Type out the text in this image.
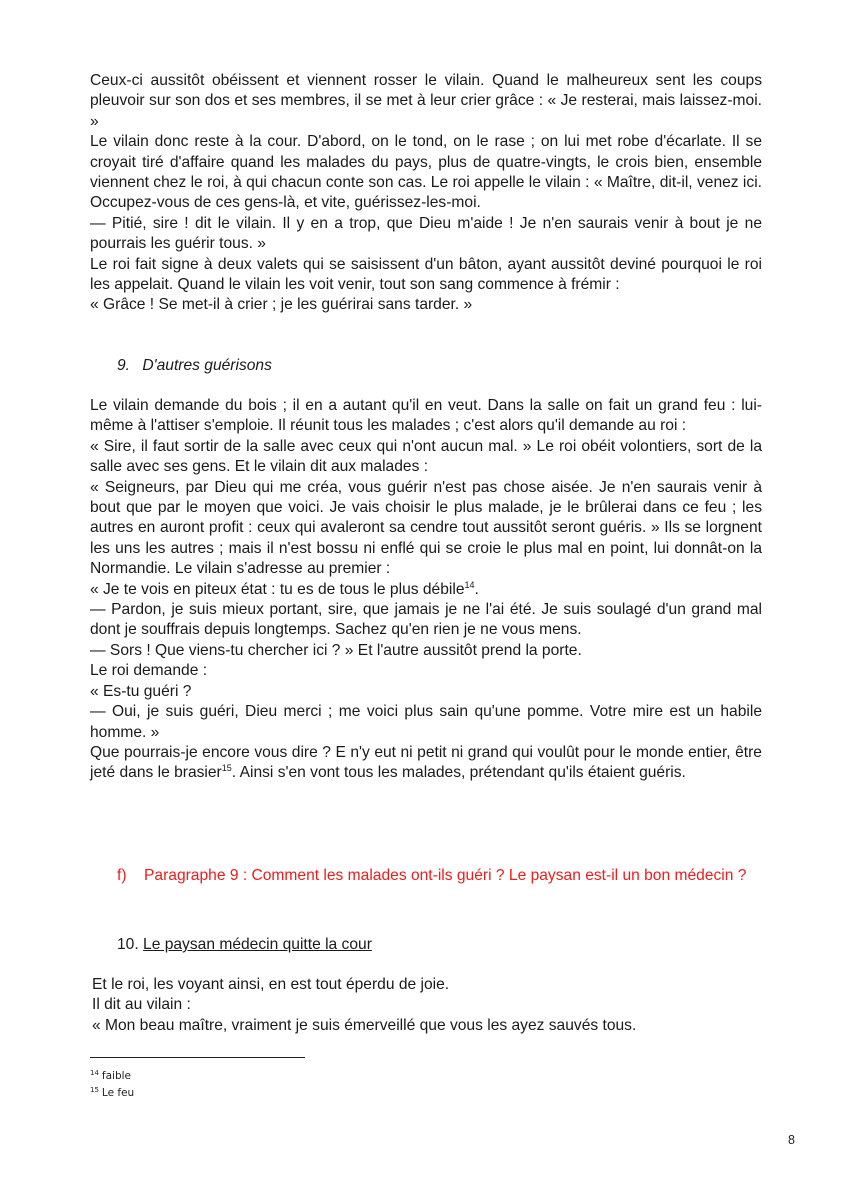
Ceux-ci aussitôt obéissent et viennent rosser le vilain. Quand le malheureux sent les coups pleuvoir sur son dos et ses membres, il se met à leur crier grâce : « Je resterai, mais laissez-moi. »

Le vilain donc reste à la cour. D'abord, on le tond, on le rase ; on lui met robe d'écarlate. Il se croyait tiré d'affaire quand les malades du pays, plus de quatre-vingts, le crois bien, ensemble viennent chez le roi, à qui chacun conte son cas. Le roi appelle le vilain : « Maître, dit-il, venez ici. Occupez-vous de ces gens-là, et vite, guérissez-les-moi.

— Pitié, sire ! dit le vilain. Il y en a trop, que Dieu m'aide ! Je n'en saurais venir à bout je ne pourrais les guérir tous. »

Le roi fait signe à deux valets qui se saisissent d'un bâton, ayant aussitôt deviné pourquoi le roi les appelait. Quand le vilain les voit venir, tout son sang commence à frémir :

« Grâce ! Se met-il à crier ; je les guérirai sans tarder. »

9. D'autres guérisons

Le vilain demande du bois ; il en a autant qu'il en veut. Dans la salle on fait un grand feu : lui-même à l'attiser s'emploie. Il réunit tous les malades ; c'est alors qu'il demande au roi :

« Sire, il faut sortir de la salle avec ceux qui n'ont aucun mal. » Le roi obéit volontiers, sort de la salle avec ses gens. Et le vilain dit aux malades :

« Seigneurs, par Dieu qui me créa, vous guérir n'est pas chose aisée. Je n'en saurais venir à bout que par le moyen que voici. Je vais choisir le plus malade, je le brûlerai dans ce feu ; les autres en auront profit : ceux qui avaleront sa cendre tout aussitôt seront guéris. » Ils se lorgnent les uns les autres ; mais il n'est bossu ni enflé qui se croie le plus mal en point, lui donnât-on la Normandie. Le vilain s'adresse au premier :

« Je te vois en piteux état : tu es de tous le plus débile$^{14}$.

— Pardon, je suis mieux portant, sire, que jamais je ne l'ai été. Je suis soulagé d'un grand mal dont je souffrais depuis longtemps. Sachez qu'en rien je ne vous mens.

— Sors ! Que viens-tu chercher ici ? » Et l'autre aussitôt prend la porte.

Le roi demande :

« Es-tu guéri ?

— Oui, je suis guéri, Dieu merci ; me voici plus sain qu'une pomme. Votre mire est un habile homme. »

Que pourrais-je encore vous dire ? E n'y eut ni petit ni grand qui voulût pour le monde entier, être jeté dans le brasier$^{15}$. Ainsi s'en vont tous les malades, prétendant qu'ils étaient guéris.

f) Paragraphe 9 : Comment les malades ont-ils guéri ? Le paysan est-il un bon médecin ?
10. Le paysan médecin quitte la cour

Et le roi, les voyant ainsi, en est tout éperdu de joie.

Il dit au vilain :

« Mon beau maître, vraiment je suis émerveillé que vous les ayez sauvés tous.

$^{14}$ faible
$^{15}$ Le feu
8
